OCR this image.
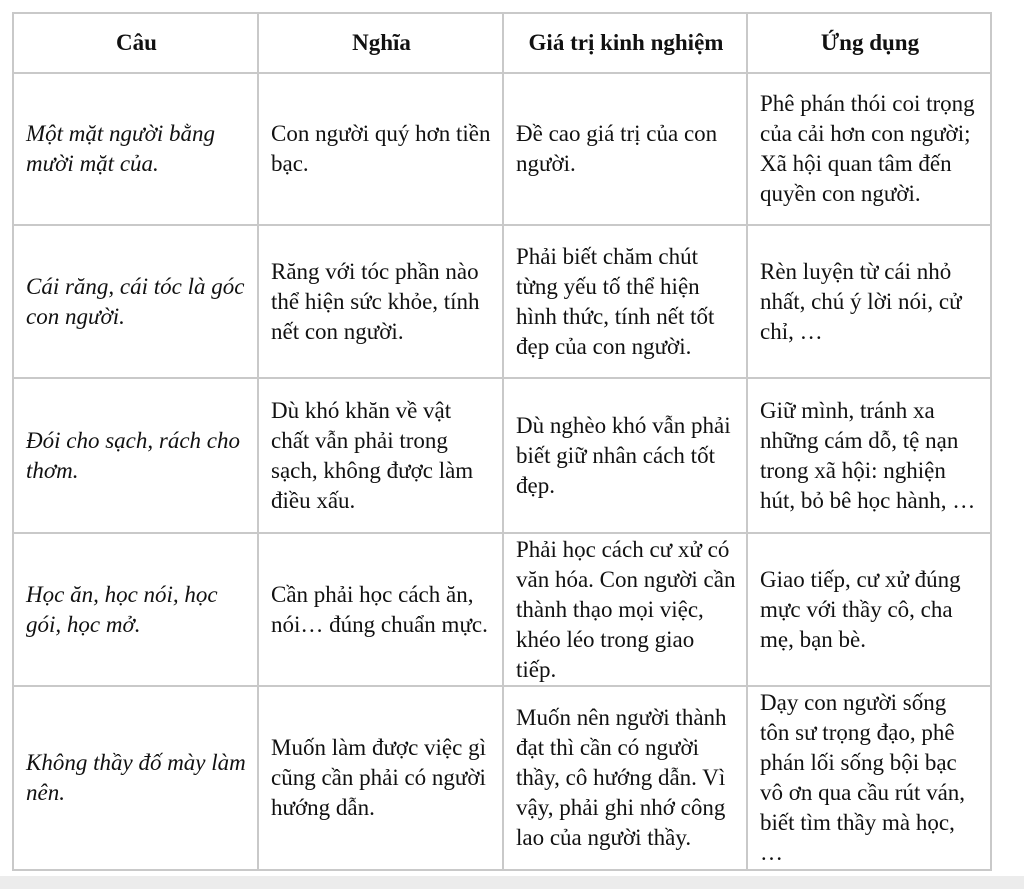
Câu	Nghĩa	Giá trị kinh nghiệm	Ứng dụng
Một mặt người bằng mười mặt của.	Con người quý hơn tiền bạc.	Đề cao giá trị của con người.	Phê phán thói coi trọng của cải hơn con người; Xã hội quan tâm đến quyền con người.
Cái răng, cái tóc là góc con người.	Răng với tóc phần nào thể hiện sức khỏe, tính nết con người.	Phải biết chăm chút từng yếu tố thể hiện hình thức, tính nết tốt đẹp của con người.	Rèn luyện từ cái nhỏ nhất, chú ý lời nói, cử chỉ, …
Đói cho sạch, rách cho thơm.	Dù khó khăn về vật chất vẫn phải trong sạch, không được làm điều xấu.	Dù nghèo khó vẫn phải biết giữ nhân cách tốt đẹp.	Giữ mình, tránh xa những cám dỗ, tệ nạn trong xã hội: nghiện hút, bỏ bê học hành, …
Học ăn, học nói, học gói, học mở.	Cần phải học cách ăn, nói… đúng chuẩn mực.	Phải học cách cư xử có văn hóa. Con người cần thành thạo mọi việc, khéo léo trong giao tiếp.	Giao tiếp, cư xử đúng mực với thầy cô, cha mẹ, bạn bè.
Không thầy đố mày làm nên.	Muốn làm được việc gì cũng cần phải có người hướng dẫn.	Muốn nên người thành đạt thì cần có người thầy, cô hướng dẫn. Vì vậy, phải ghi nhớ công lao của người thầy.	Dạy con người sống tôn sư trọng đạo, phê phán lối sống bội bạc vô ơn qua cầu rút ván, biết tìm thầy mà học, …
